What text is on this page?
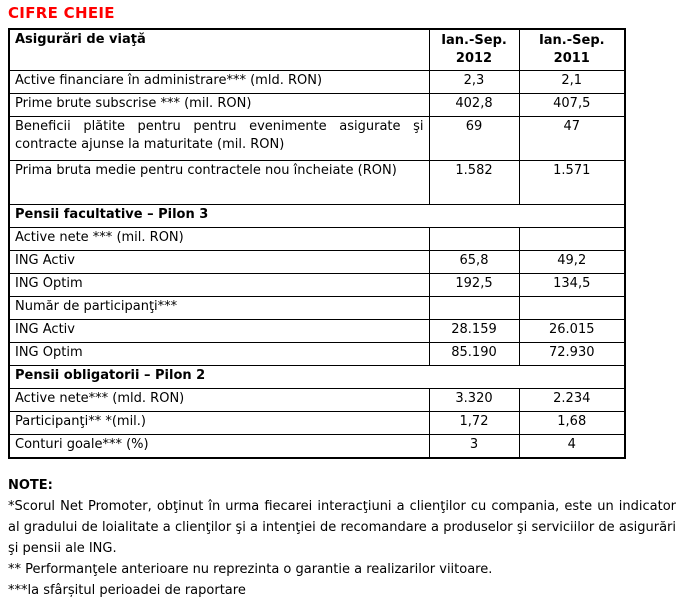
CIFRE CHEIE
Asigurări de viaţă	Ian.-Sep. 2012	Ian.-Sep. 2011
Active financiare în administrare*** (mld. RON)	2,3	2,1
Prime brute subscrise *** (mil. RON)	402,8	407,5
Beneficii plătite pentru pentru evenimente asigurate şi contracte ajunse la maturitate (mil. RON)	69	47
Prima bruta medie pentru contractele nou încheiate (RON)	1.582	1.571
Pensii facultative – Pilon 3		
Active nete *** (mil. RON)		
ING Activ	65,8	49,2
ING Optim	192,5	134,5
Număr de participanţi***		
ING Activ	28.159	26.015
ING Optim	85.190	72.930
Pensii obligatorii – Pilon 2		
Active nete*** (mld. RON)	3.320	2.234
Participanţi** *(mil.)	1,72	1,68
Conturi goale*** (%)	3	4
NOTE:

*Scorul Net Promoter, obţinut în urma fiecarei interacţiuni a clienţilor cu compania, este un indicator al gradului de loialitate a clienţilor şi a intenţiei de recomandare a produselor şi serviciilor de asigurări şi pensii ale ING.

** Performanţele anterioare nu reprezinta o garantie a realizarilor viitoare.

***la sfârșitul perioadei de raportare
